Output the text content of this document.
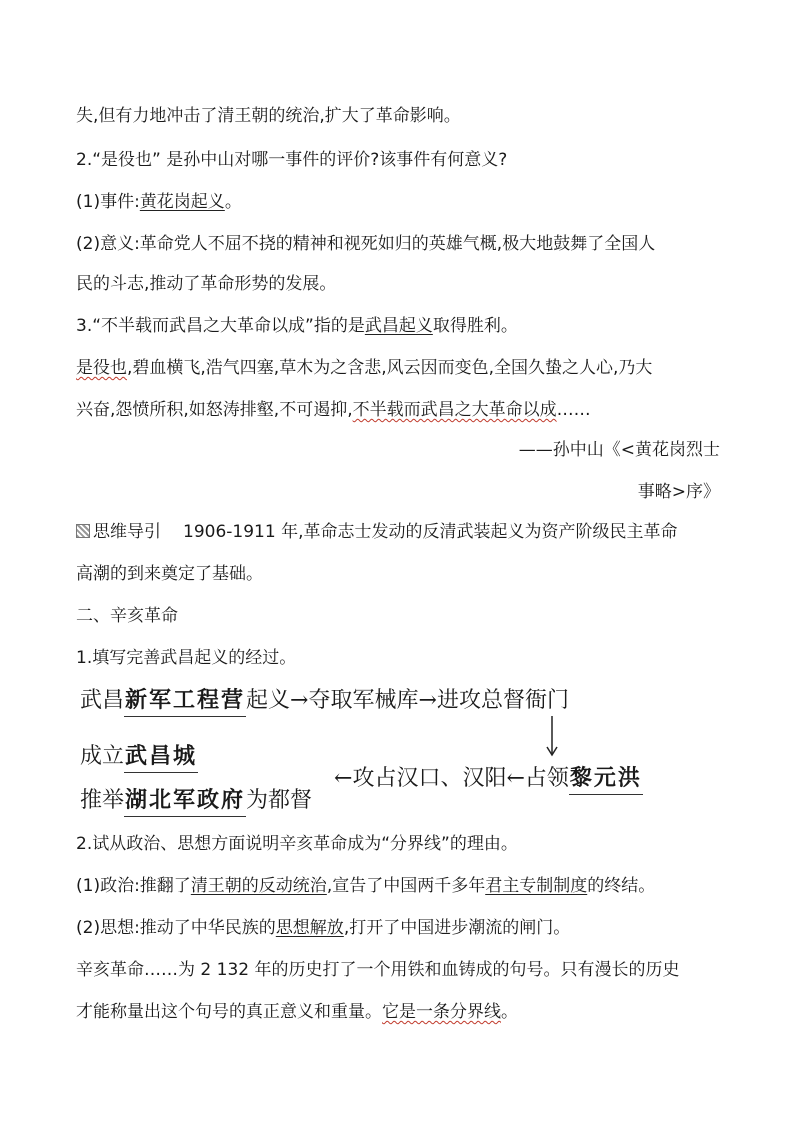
失,但有力地冲击了清王朝的统治,扩大了革命影响。
2.“是役也” 是孙中山对哪一事件的评价?该事件有何意义?
(1)事件:黄花岗起义。
(2)意义:革命党人不屈不挠的精神和视死如归的英雄气概,极大地鼓舞了全国人
民的斗志,推动了革命形势的发展。
3.“不半载而武昌之大革命以成”指的是武昌起义取得胜利。
是役也,碧血横飞,浩气四塞,草木为之含悲,风云因而变色,全国久蛰之人心,乃大
兴奋,怨愤所积,如怒涛排壑,不可遏抑,不半载而武昌之大革命以成……
——孙中山《<黄花岗烈士
事略>序》
思维导引 1906-1911 年,革命志士发动的反清武装起义为资产阶级民主革命
高潮的到来奠定了基础。
二、辛亥革命
1.填写完善武昌起义的经过。
武昌新军工程营起义→夺取军械库→进攻总督衙门
成立武昌城
推举湖北军政府为都督
←攻占汉口、汉阳←占领黎元洪
2.试从政治、思想方面说明辛亥革命成为“分界线”的理由。
(1)政治:推翻了清王朝的反动统治,宣告了中国两千多年君主专制制度的终结。
(2)思想:推动了中华民族的思想解放,打开了中国进步潮流的闸门。
辛亥革命……为 2 132 年的历史打了一个用铁和血铸成的句号。只有漫长的历史
才能称量出这个句号的真正意义和重量。它是一条分界线。
